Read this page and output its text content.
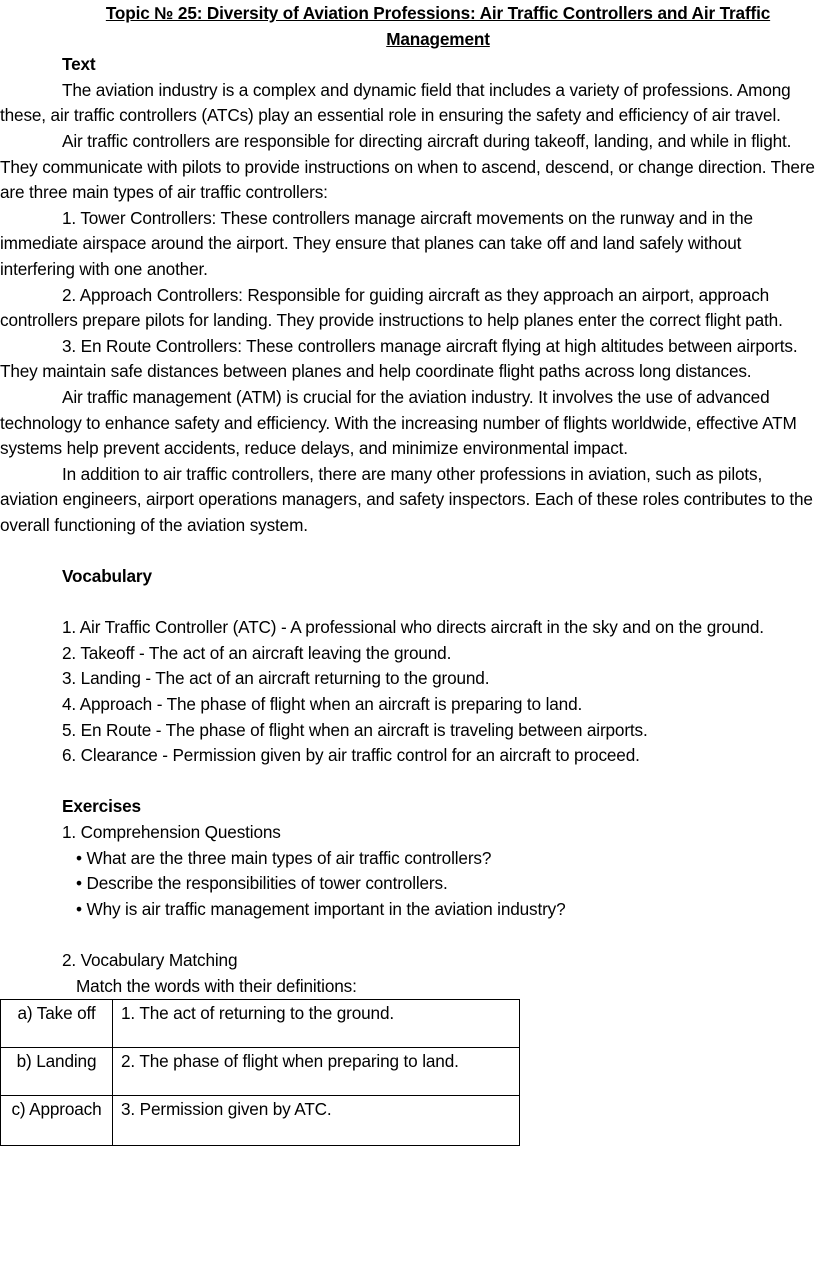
Topic № 25: Diversity of Aviation Professions: Air Traffic Controllers and Air Traffic Management
Text

The aviation industry is a complex and dynamic field that includes a variety of professions. Among these, air traffic controllers (ATCs) play an essential role in ensuring the safety and efficiency of air travel.

Air traffic controllers are responsible for directing aircraft during takeoff, landing, and while in flight. They communicate with pilots to provide instructions on when to ascend, descend, or change direction. There are three main types of air traffic controllers:

1. Tower Controllers: These controllers manage aircraft movements on the runway and in the immediate airspace around the airport. They ensure that planes can take off and land safely without interfering with one another.

2. Approach Controllers: Responsible for guiding aircraft as they approach an airport, approach controllers prepare pilots for landing. They provide instructions to help planes enter the correct flight path.

3. En Route Controllers: These controllers manage aircraft flying at high altitudes between airports. They maintain safe distances between planes and help coordinate flight paths across long distances.

Air traffic management (ATM) is crucial for the aviation industry. It involves the use of advanced technology to enhance safety and efficiency. With the increasing number of flights worldwide, effective ATM systems help prevent accidents, reduce delays, and minimize environmental impact.

In addition to air traffic controllers, there are many other professions in aviation, such as pilots, aviation engineers, airport operations managers, and safety inspectors. Each of these roles contributes to the overall functioning of the aviation system.

Vocabulary

1. Air Traffic Controller (ATC) - A professional who directs aircraft in the sky and on the ground.

2. Takeoff - The act of an aircraft leaving the ground.

3. Landing - The act of an aircraft returning to the ground.

4. Approach - The phase of flight when an aircraft is preparing to land.

5. En Route - The phase of flight when an aircraft is traveling between airports.

6. Clearance - Permission given by air traffic control for an aircraft to proceed.

Exercises
1. Comprehension Questions
• What are the three main types of air traffic controllers?
• Describe the responsibilities of tower controllers.
• Why is air traffic management important in the aviation industry?
2. Vocabulary Matching
Match the words with their definitions:
a) Take off	1. The act of returning to the ground.
b) Landing	2. The phase of flight when preparing to land.
c) Approach	3. Permission given by ATC.
